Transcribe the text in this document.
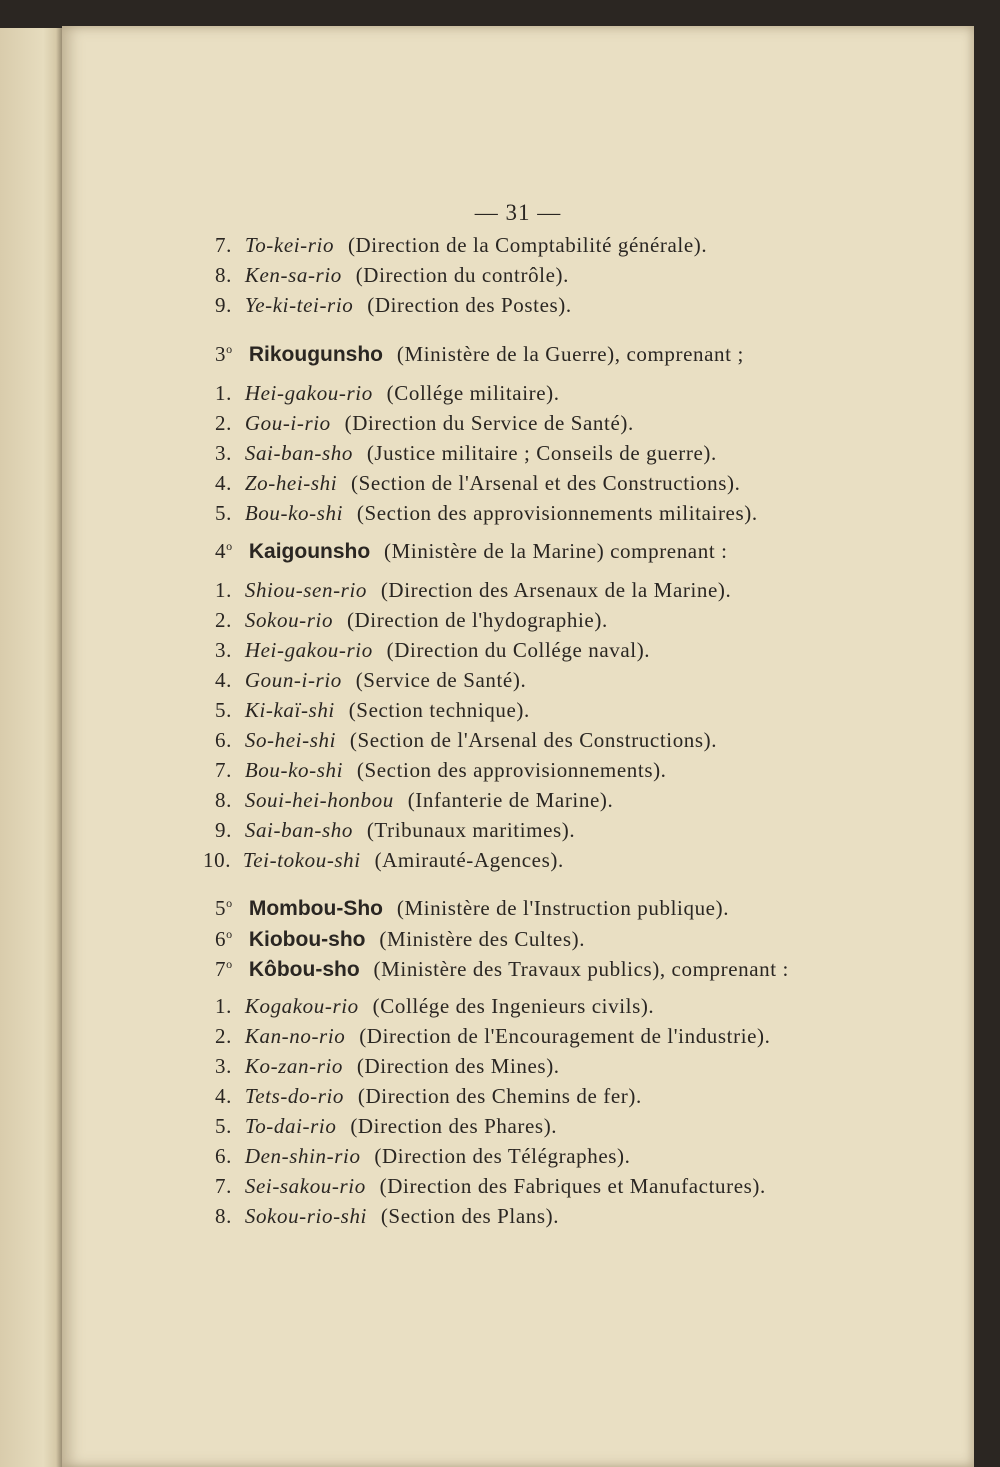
— 31 —
7. To-kei-rio (Direction de la Comptabilité générale).
8. Ken-sa-rio (Direction du contrôle).
9. Ye-ki-tei-rio (Direction des Postes).
3$^o$ Rikougunsho (Ministère de la Guerre), comprenant ;
1. Hei-gakou-rio (Collége militaire).
2. Gou-i-rio (Direction du Service de Santé).
3. Sai-ban-sho (Justice militaire ; Conseils de guerre).
4. Zo-hei-shi (Section de l'Arsenal et des Constructions).
5. Bou-ko-shi (Section des approvisionnements militaires).
4$^o$ Kaigounsho (Ministère de la Marine) comprenant :
1. Shiou-sen-rio (Direction des Arsenaux de la Marine).
2. Sokou-rio (Direction de l'hydographie).
3. Hei-gakou-rio (Direction du Collége naval).
4. Goun-i-rio (Service de Santé).
5. Ki-kaï-shi (Section technique).
6. So-hei-shi (Section de l'Arsenal des Constructions).
7. Bou-ko-shi (Section des approvisionnements).
8. Soui-hei-honbou (Infanterie de Marine).
9. Sai-ban-sho (Tribunaux maritimes).
10. Tei-tokou-shi (Amirauté-Agences).
5$^o$ Mombou-Sho (Ministère de l'Instruction publique).
6$^o$ Kiobou-sho (Ministère des Cultes).
7$^o$ Kôbou-sho (Ministère des Travaux publics), comprenant :
1. Kogakou-rio (Collége des Ingenieurs civils).
2. Kan-no-rio (Direction de l'Encouragement de l'industrie).
3. Ko-zan-rio (Direction des Mines).
4. Tets-do-rio (Direction des Chemins de fer).
5. To-dai-rio (Direction des Phares).
6. Den-shin-rio (Direction des Télégraphes).
7. Sei-sakou-rio (Direction des Fabriques et Manufactures).
8. Sokou-rio-shi (Section des Plans).
